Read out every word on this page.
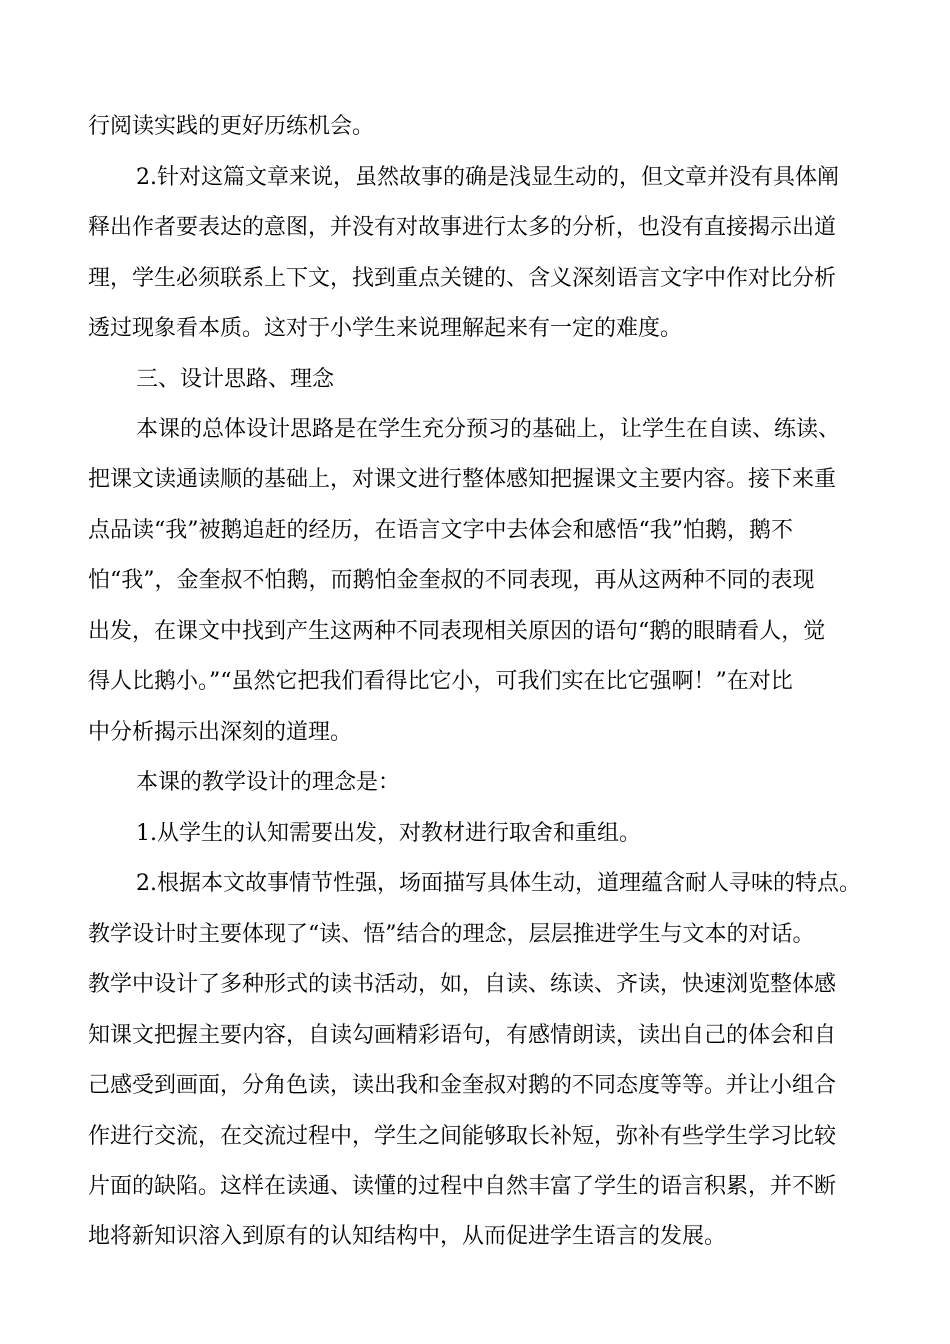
行阅读实践的更好历练机会。
2.针对这篇文章来说，虽然故事的确是浅显生动的，但文章并没有具体阐
释出作者要表达的意图，并没有对故事进行太多的分析，也没有直接揭示出道
理，学生必须联系上下文，找到重点关键的、含义深刻语言文字中作对比分析
透过现象看本质。这对于小学生来说理解起来有一定的难度。
三、设计思路、理念
本课的总体设计思路是在学生充分预习的基础上，让学生在自读、练读、
把课文读通读顺的基础上，对课文进行整体感知把握课文主要内容。接下来重
点品读“我”被鹅追赶的经历，在语言文字中去体会和感悟“我”怕鹅，鹅不
怕“我”，金奎叔不怕鹅，而鹅怕金奎叔的不同表现，再从这两种不同的表现
出发，在课文中找到产生这两种不同表现相关原因的语句“鹅的眼睛看人，觉
得人比鹅小。”“虽然它把我们看得比它小，可我们实在比它强啊！”在对比
中分析揭示出深刻的道理。
本课的教学设计的理念是：
1.从学生的认知需要出发，对教材进行取舍和重组。
2.根据本文故事情节性强，场面描写具体生动，道理蕴含耐人寻味的特点。
教学设计时主要体现了“读、悟”结合的理念，层层推进学生与文本的对话。
教学中设计了多种形式的读书活动，如，自读、练读、齐读，快速浏览整体感
知课文把握主要内容，自读勾画精彩语句，有感情朗读，读出自己的体会和自
己感受到画面，分角色读，读出我和金奎叔对鹅的不同态度等等。并让小组合
作进行交流，在交流过程中，学生之间能够取长补短，弥补有些学生学习比较
片面的缺陷。这样在读通、读懂的过程中自然丰富了学生的语言积累，并不断
地将新知识溶入到原有的认知结构中，从而促进学生语言的发展。
